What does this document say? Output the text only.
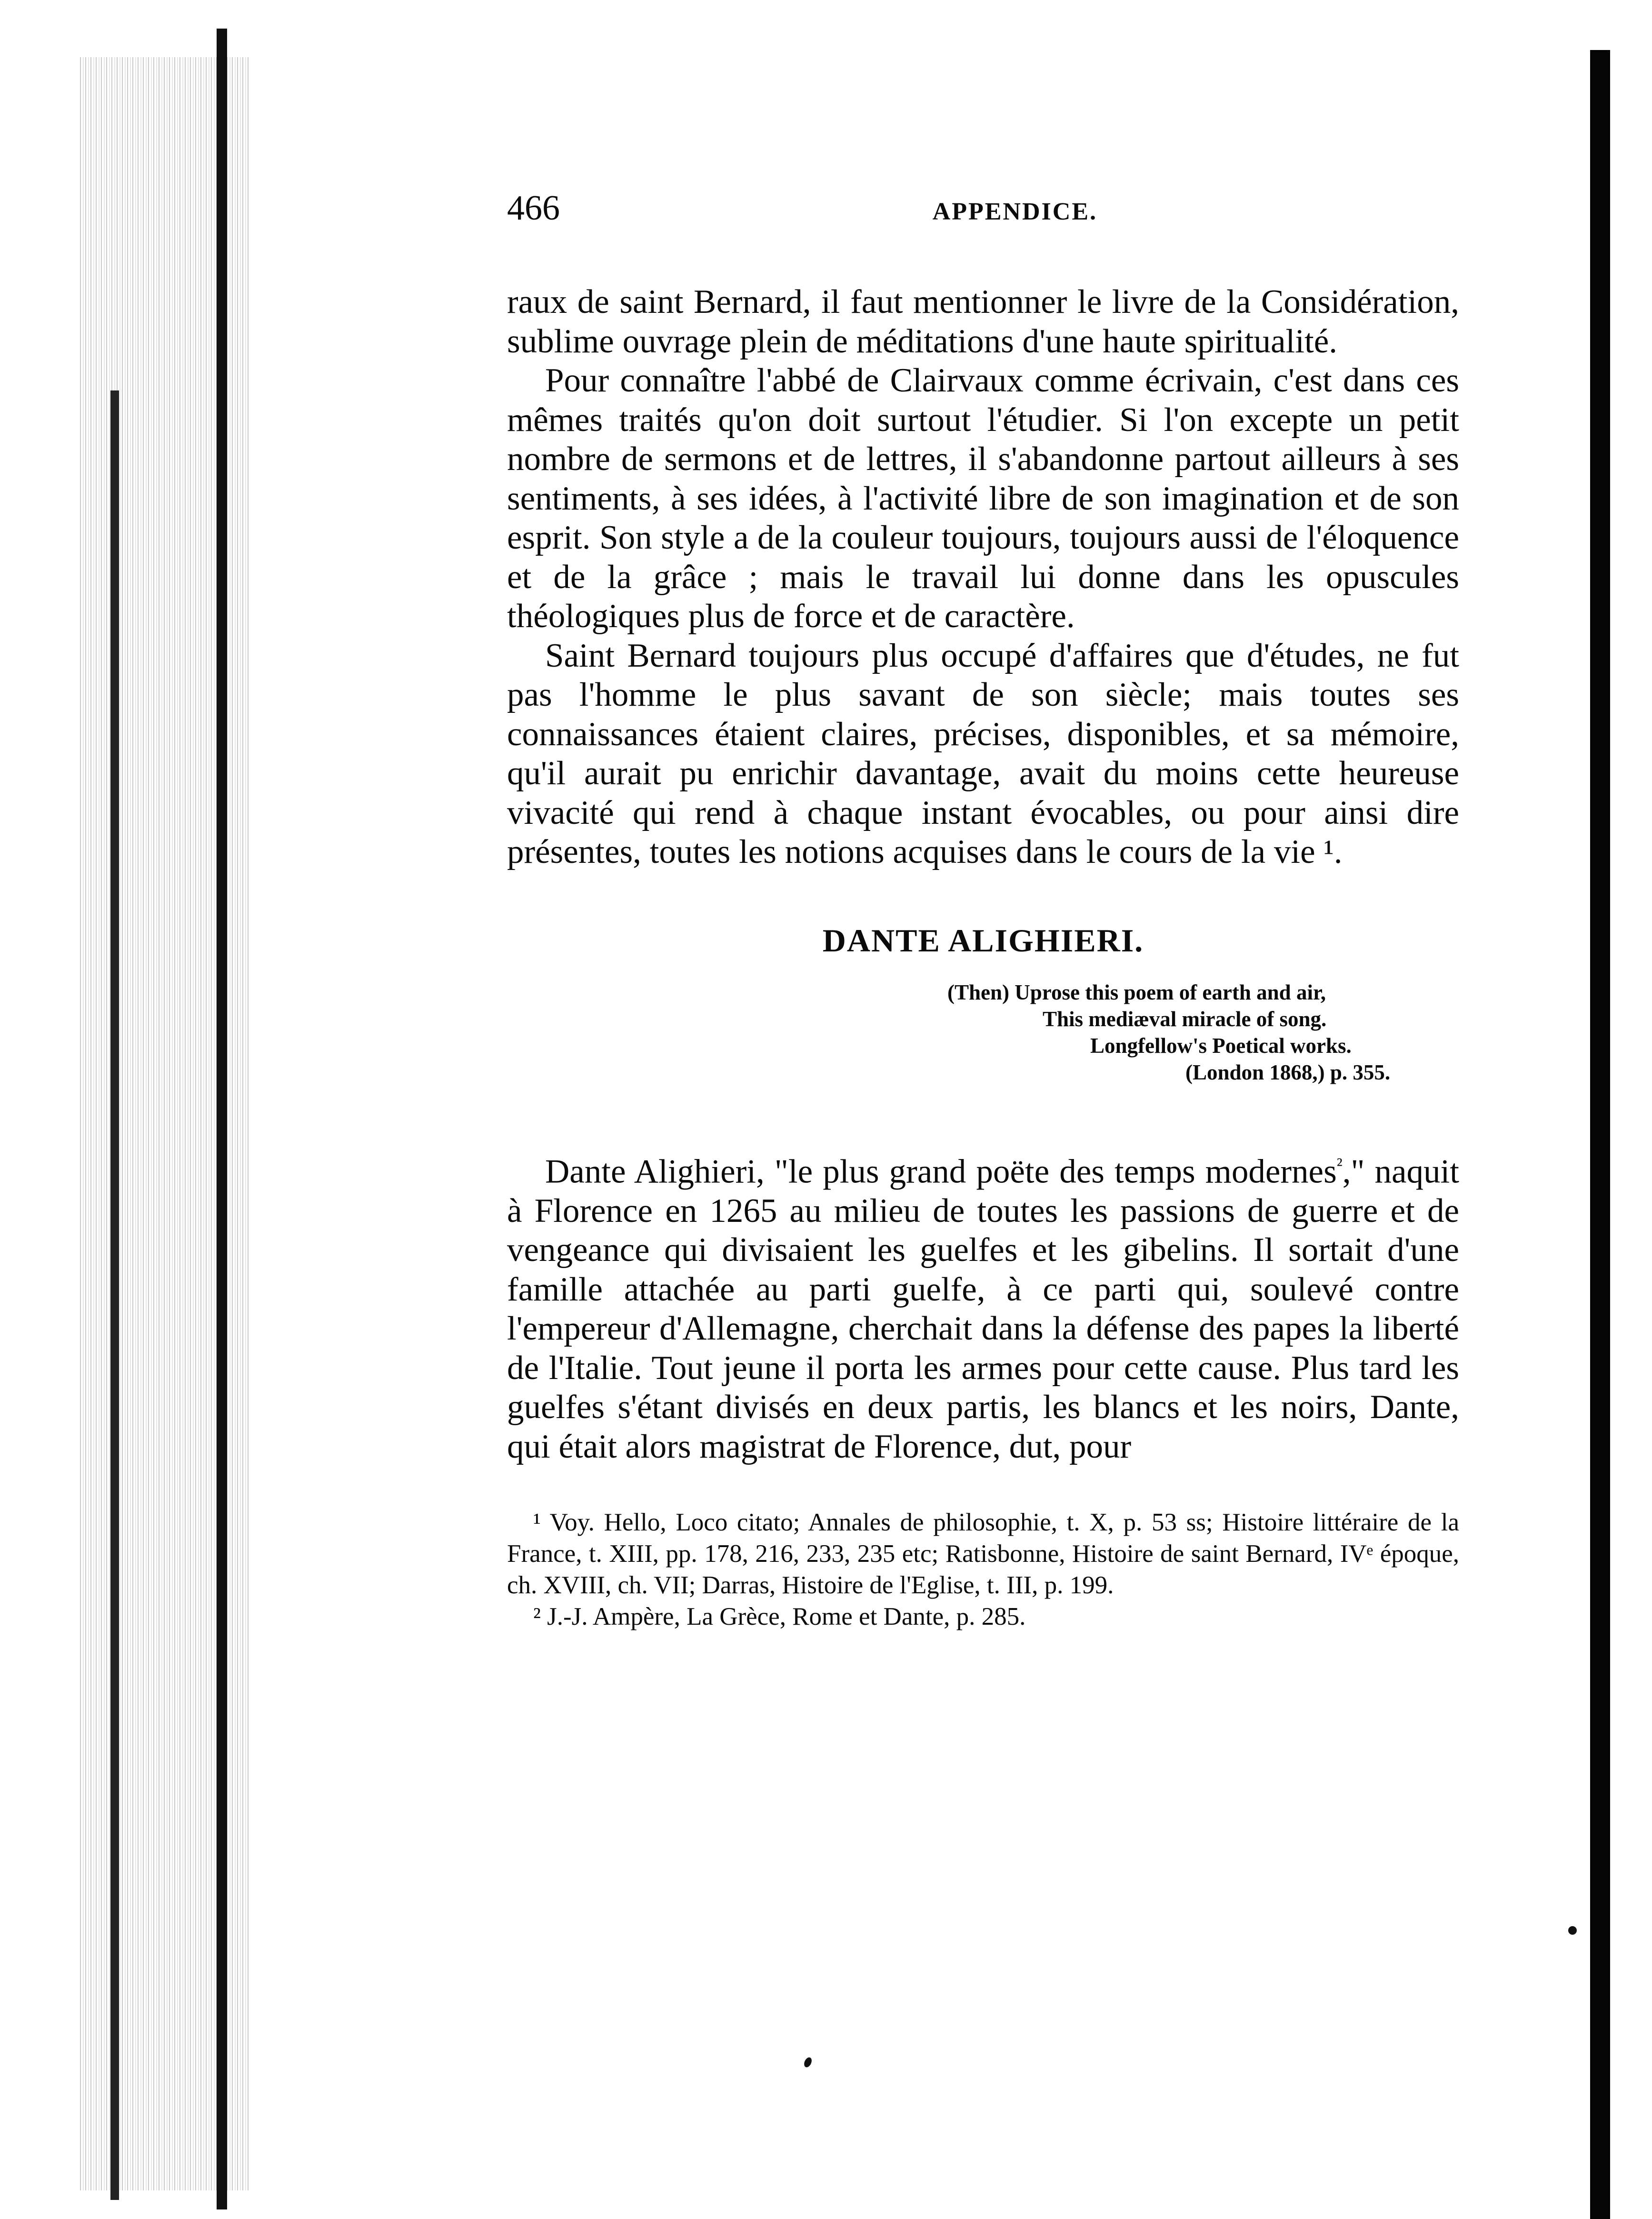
466	APPENDICE.

raux de saint Bernard, il faut mentionner le livre de la Considération, sublime ouvrage plein de méditations d'une haute spiritualité.

Pour connaître l'abbé de Clairvaux comme écrivain, c'est dans ces mêmes traités qu'on doit surtout l'étudier. Si l'on excepte un petit nombre de sermons et de lettres, il s'abandonne partout ailleurs à ses sentiments, à ses idées, à l'activité libre de son imagination et de son esprit. Son style a de la couleur toujours, toujours aussi de l'éloquence et de la grâce ; mais le travail lui donne dans les opuscules théologiques plus de force et de caractère.

Saint Bernard toujours plus occupé d'affaires que d'études, ne fut pas l'homme le plus savant de son siècle; mais toutes ses connaissances étaient claires, précises, disponibles, et sa mémoire, qu'il aurait pu enrichir davantage, avait du moins cette heureuse vivacité qui rend à chaque instant évocables, ou pour ainsi dire présentes, toutes les notions acquises dans le cours de la vie ¹.

DANTE ALIGHIERI.
(Then) Uprose this poem of earth and air,
This mediæval miracle of song.
Longfellow's Poetical works.
(London 1868,) p. 355.

Dante Alighieri, "le plus grand poëte des temps modernes$^{^2}$," naquit à Florence en 1265 au milieu de toutes les passions de guerre et de vengeance qui divisaient les guelfes et les gibelins. Il sortait d'une famille attachée au parti guelfe, à ce parti qui, soulevé contre l'empereur d'Allemagne, cherchait dans la défense des papes la liberté de l'Italie. Tout jeune il porta les armes pour cette cause. Plus tard les guelfes s'étant divisés en deux partis, les blancs et les noirs, Dante, qui était alors magistrat de Florence, dut, pour

¹ Voy. Hello, Loco citato; Annales de philosophie, t. X, p. 53 ss; Histoire littéraire de la France, t. XIII, pp. 178, 216, 233, 235 etc; Ratisbonne, Histoire de saint Bernard, IVᵉ époque, ch. XVIII, ch. VII; Darras, Histoire de l'Eglise, t. III, p. 199.

² J.-J. Ampère, La Grèce, Rome et Dante, p. 285.
